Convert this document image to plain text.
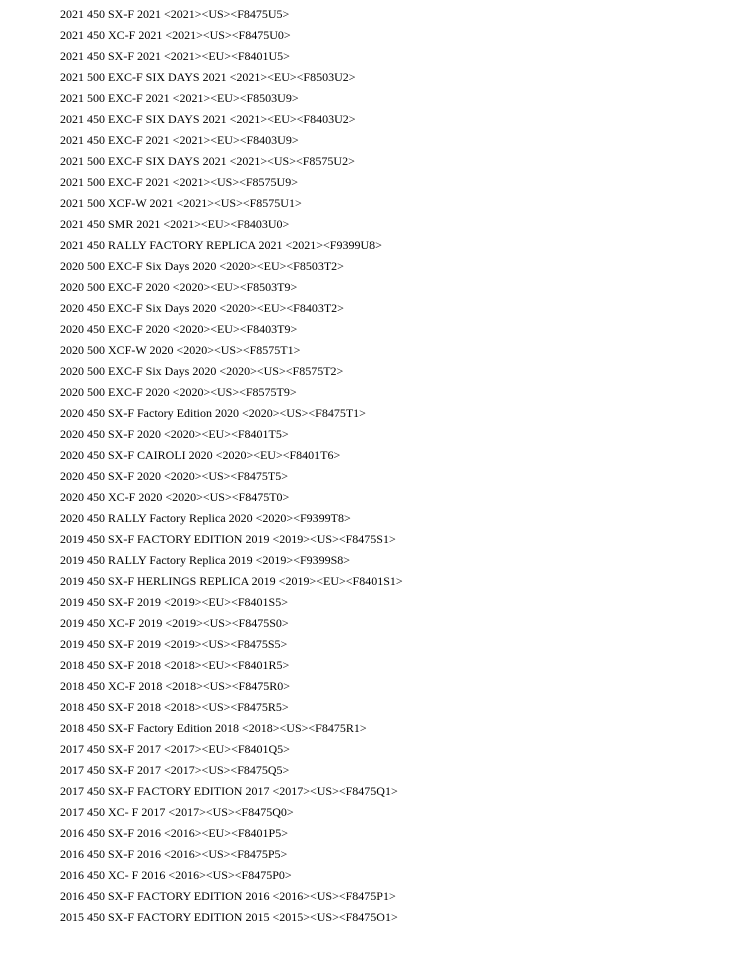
2021 450 SX-F 2021 <2021><US><F8475U5>
2021 450 XC-F 2021 <2021><US><F8475U0>
2021 450 SX-F 2021 <2021><EU><F8401U5>
2021 500 EXC-F SIX DAYS 2021 <2021><EU><F8503U2>
2021 500 EXC-F 2021 <2021><EU><F8503U9>
2021 450 EXC-F SIX DAYS 2021 <2021><EU><F8403U2>
2021 450 EXC-F 2021 <2021><EU><F8403U9>
2021 500 EXC-F SIX DAYS 2021 <2021><US><F8575U2>
2021 500 EXC-F 2021 <2021><US><F8575U9>
2021 500 XCF-W 2021 <2021><US><F8575U1>
2021 450 SMR 2021 <2021><EU><F8403U0>
2021 450 RALLY FACTORY REPLICA 2021 <2021><F9399U8>
2020 500 EXC-F Six Days 2020 <2020><EU><F8503T2>
2020 500 EXC-F 2020 <2020><EU><F8503T9>
2020 450 EXC-F Six Days 2020 <2020><EU><F8403T2>
2020 450 EXC-F 2020 <2020><EU><F8403T9>
2020 500 XCF-W 2020 <2020><US><F8575T1>
2020 500 EXC-F Six Days 2020 <2020><US><F8575T2>
2020 500 EXC-F 2020 <2020><US><F8575T9>
2020 450 SX-F Factory Edition 2020 <2020><US><F8475T1>
2020 450 SX-F 2020 <2020><EU><F8401T5>
2020 450 SX-F CAIROLI 2020 <2020><EU><F8401T6>
2020 450 SX-F 2020 <2020><US><F8475T5>
2020 450 XC-F 2020 <2020><US><F8475T0>
2020 450 RALLY Factory Replica 2020 <2020><F9399T8>
2019 450 SX-F FACTORY EDITION 2019 <2019><US><F8475S1>
2019 450 RALLY Factory Replica 2019 <2019><F9399S8>
2019 450 SX-F HERLINGS REPLICA 2019 <2019><EU><F8401S1>
2019 450 SX-F 2019 <2019><EU><F8401S5>
2019 450 XC-F 2019 <2019><US><F8475S0>
2019 450 SX-F 2019 <2019><US><F8475S5>
2018 450 SX-F 2018 <2018><EU><F8401R5>
2018 450 XC-F 2018 <2018><US><F8475R0>
2018 450 SX-F 2018 <2018><US><F8475R5>
2018 450 SX-F Factory Edition 2018 <2018><US><F8475R1>
2017 450 SX-F 2017 <2017><EU><F8401Q5>
2017 450 SX-F 2017 <2017><US><F8475Q5>
2017 450 SX-F FACTORY EDITION 2017 <2017><US><F8475Q1>
2017 450 XC- F 2017 <2017><US><F8475Q0>
2016 450 SX-F 2016 <2016><EU><F8401P5>
2016 450 SX-F 2016 <2016><US><F8475P5>
2016 450 XC- F 2016 <2016><US><F8475P0>
2016 450 SX-F FACTORY EDITION 2016 <2016><US><F8475P1>
2015 450 SX-F FACTORY EDITION 2015 <2015><US><F8475O1>
